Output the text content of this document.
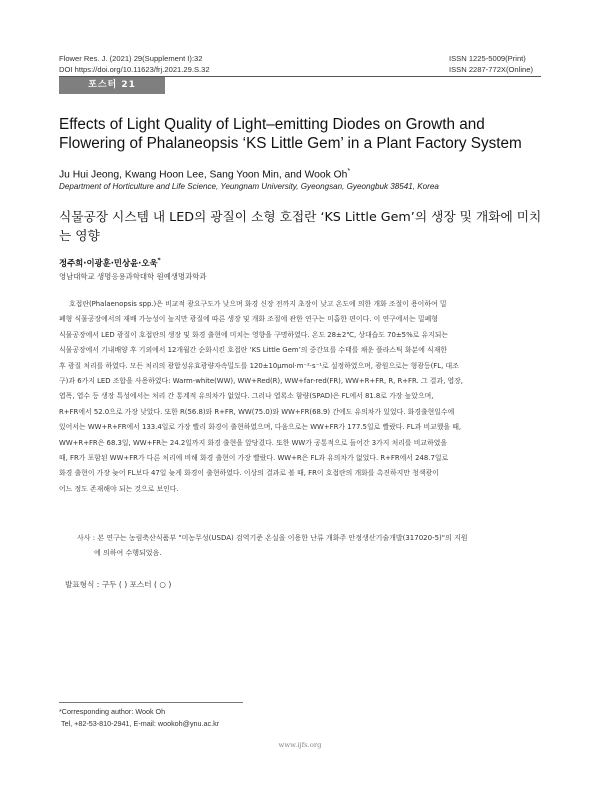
Flower Res. J. (2021) 29(Supplement I):32
DOI https://doi.org/10.11623/frj.2021.29.S.32
ISSN 1225-5009(Print)
ISSN 2287-772X(Online)
포스터 21
Effects of Light Quality of Light–emitting Diodes on Growth and Flowering of Phalaneopsis ‘KS Little Gem’ in a Plant Factory System
Ju Hui Jeong, Kwang Hoon Lee, Sang Yoon Min, and Wook Oh*
Department of Horticulture and Life Science, Yeungnam University, Gyeongsan, Gyeongbuk 38541, Korea
식물공장 시스템 내 LED의 광질이 소형 호접란 ‘KS Little Gem’의 생장 및 개화에 미치는 영향
정주희·이광훈·민상윤·오욱*
영남대학교 생명응용과학대학 원예생명과학과
호접란(Phalaenopsis spp.)은 비교적 광요구도가 낮으며 화경 신장 전까지 초장이 낮고 온도에 의한 개화 조절이 용이하여 밀
폐형 식물공장에서의 재배 가능성이 높지만 광질에 따른 생장 및 개화 조절에 관한 연구는 미흡한 편이다. 이 연구에서는 밀폐형
식물공장에서 LED 광질이 호접란의 생장 및 화경 출현에 미치는 영향을 구명하였다. 온도 28±2℃, 상대습도 70±5%로 유지되는
식물공장에서 기내배양 후 기외에서 12개월간 순화시킨 호접란 ‘KS Little Gem’의 중간묘를 수태를 채운 플라스틱 화분에 식재한
후 광질 처리를 하였다. 모든 처리의 광합성유효광량자속밀도를 120±10μmol·m⁻²·s⁻¹로 설정하였으며, 광원으로는 형광등(FL, 대조
구)과 6가지 LED 조합을 사용하였다: Warm-white(WW), WW+Red(R), WW+far-red(FR), WW+R+FR, R, R+FR. 그 결과, 엽장,
엽폭, 엽수 등 생장 특성에서는 처리 간 통계적 유의차가 없었다. 그러나 엽록소 함량(SPAD)은 FL에서 81.8로 가장 높았으며,
R+FR에서 52.0으로 가장 낮았다. 또한 R(56.8)와 R+FR, WW(75.0)와 WW+FR(68.9) 간에도 유의차가 있었다. 화경출현일수에
있어서는 WW+R+FR에서 133.4일로 가장 빨리 화경이 출현하였으며, 다음으로는 WW+FR가 177.5일로 빨랐다. FL과 비교했을 때,
WW+R+FR은 68.3일, WW+FR는 24.2일까지 화경 출현을 앞당겼다. 또한 WW가 공통적으로 들어간 3가지 처리를 비교하였을
때, FR가 포함된 WW+FR가 다른 처리에 비해 화경 출현이 가장 빨랐다. WW+R은 FL과 유의차가 없었다. R+FR에서 248.7일로
화경 출현이 가장 늦어 FL보다 47일 늦게 화경이 출현하였다. 이상의 결과로 볼 때, FR이 호접란의 개화를 촉진하지만 청색광이
어느 정도 존재해야 되는 것으로 보인다.
사사 : 본 연구는 농림축산식품부 "미농무성(USDA) 검역기준 온실을 이용한 난류 개화주 안정생산기술개발(317020-5)"의 지원
에 의하여 수행되었음.
발표형식 : 구두 ( ) 포스터 ( ○ )
*Corresponding author: Wook Oh
Tel, +82-53-810-2941, E-mail: wookoh@ynu.ac.kr
www.ijfs.org
